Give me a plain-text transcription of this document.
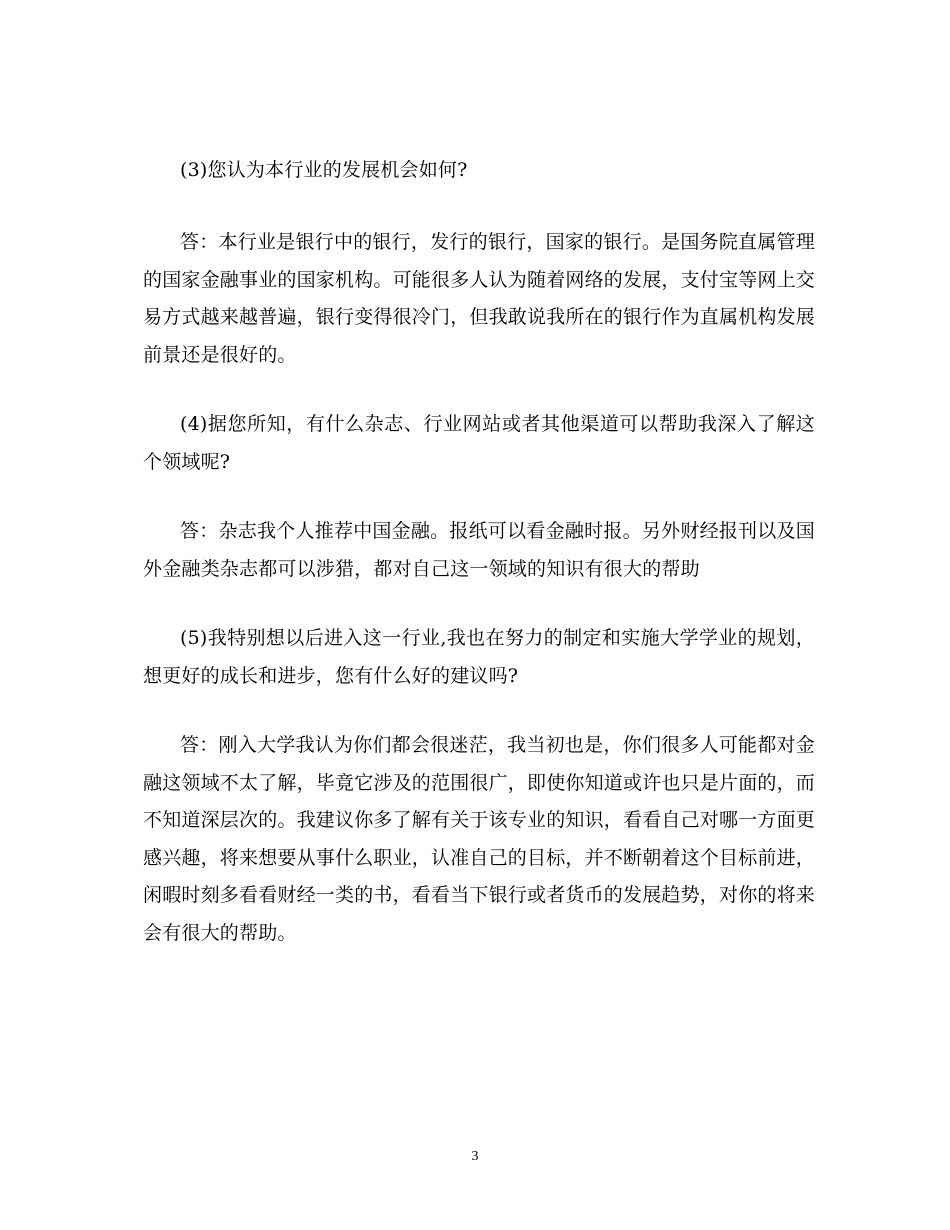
(3)您认为本行业的发展机会如何?

答：本行业是银行中的银行，发行的银行，国家的银行。是国务院直属管理的国家金融事业的国家机构。可能很多人认为随着网络的发展，支付宝等网上交易方式越来越普遍，银行变得很冷门，但我敢说我所在的银行作为直属机构发展前景还是很好的。

(4)据您所知，有什么杂志、行业网站或者其他渠道可以帮助我深入了解这个领域呢?

答：杂志我个人推荐中国金融。报纸可以看金融时报。另外财经报刊以及国外金融类杂志都可以涉猎，都对自己这一领域的知识有很大的帮助

(5)我特别想以后进入这一行业,我也在努力的制定和实施大学学业的规划，想更好的成长和进步，您有什么好的建议吗?

答：刚入大学我认为你们都会很迷茫，我当初也是，你们很多人可能都对金融这领域不太了解，毕竟它涉及的范围很广，即使你知道或许也只是片面的，而不知道深层次的。我建议你多了解有关于该专业的知识，看看自己对哪一方面更感兴趣，将来想要从事什么职业，认准自己的目标，并不断朝着这个目标前进，闲暇时刻多看看财经一类的书，看看当下银行或者货币的发展趋势，对你的将来会有很大的帮助。

3
